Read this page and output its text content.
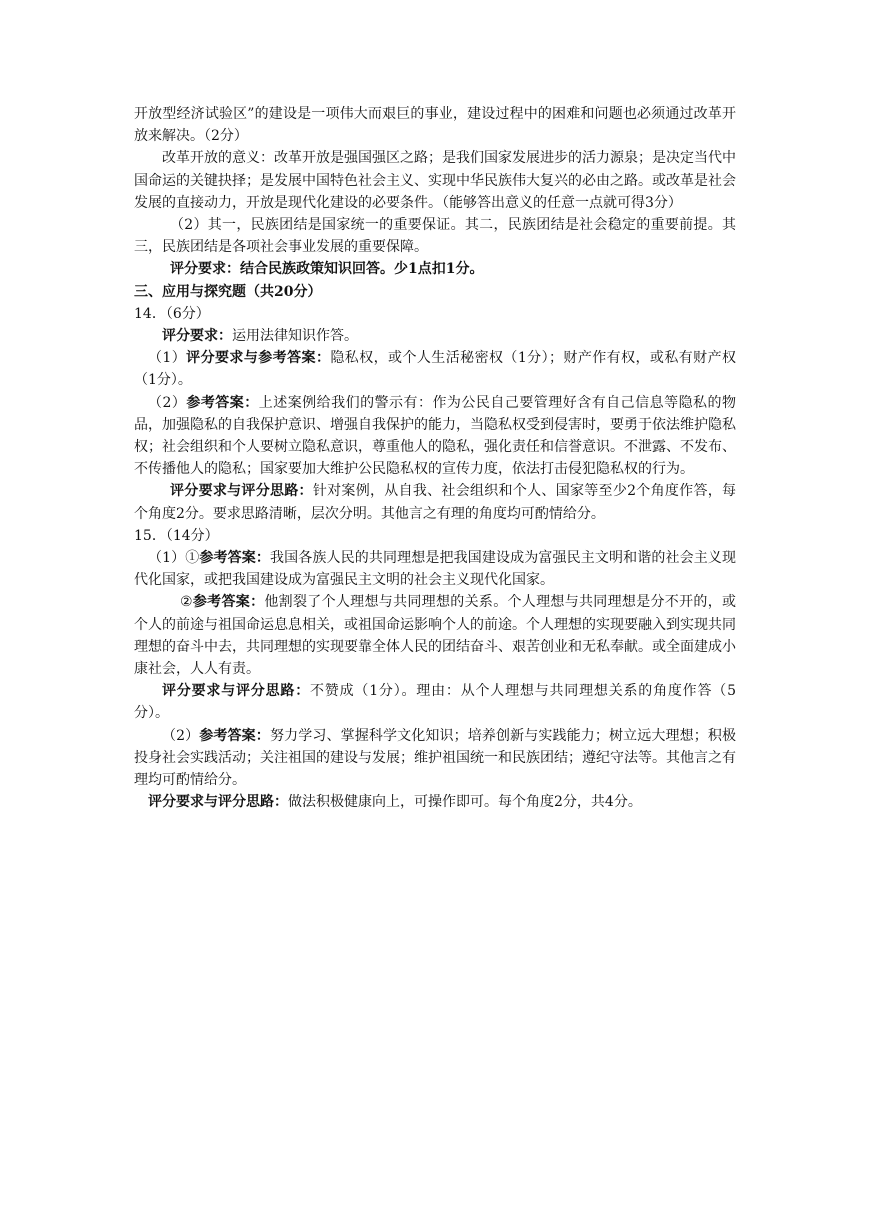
开放型经济试验区”的建设是一项伟大而艰巨的事业，建设过程中的困难和问题也必须通过改革开放来解决。（2分）

改革开放的意义：改革开放是强国强区之路；是我们国家发展进步的活力源泉；是决定当代中国命运的关键抉择；是发展中国特色社会主义、实现中华民族伟大复兴的必由之路。或改革是社会发展的直接动力，开放是现代化建设的必要条件。（能够答出意义的任意一点就可得3分）

（2）其一，民族团结是国家统一的重要保证。其二，民族团结是社会稳定的重要前提。其三，民族团结是各项社会事业发展的重要保障。

评分要求：结合民族政策知识回答。少1点扣1分。

三、应用与探究题（共20分）

14．（6分）

评分要求：运用法律知识作答。

（1）评分要求与参考答案：隐私权，或个人生活秘密权（1分）；财产作有权，或私有财产权（1分）。

（2）参考答案：上述案例给我们的警示有：作为公民自己要管理好含有自己信息等隐私的物品，加强隐私的自我保护意识、增强自我保护的能力，当隐私权受到侵害时，要勇于依法维护隐私权；社会组织和个人要树立隐私意识，尊重他人的隐私，强化责任和信誉意识。不泄露、不发布、不传播他人的隐私；国家要加大维护公民隐私权的宣传力度，依法打击侵犯隐私权的行为。

评分要求与评分思路：针对案例，从自我、社会组织和个人、国家等至少2个角度作答，每个角度2分。要求思路清晰，层次分明。其他言之有理的角度均可酌情给分。

15．（14分）

（1）①参考答案：我国各族人民的共同理想是把我国建设成为富强民主文明和谐的社会主义现代化国家，或把我国建设成为富强民主文明的社会主义现代化国家。

②参考答案：他割裂了个人理想与共同理想的关系。个人理想与共同理想是分不开的，或个人的前途与祖国命运息息相关，或祖国命运影响个人的前途。个人理想的实现要融入到实现共同理想的奋斗中去，共同理想的实现要靠全体人民的团结奋斗、艰苦创业和无私奉献。或全面建成小康社会，人人有责。

评分要求与评分思路：不赞成（1分）。理由：从个人理想与共同理想关系的角度作答（5分）。

（2）参考答案：努力学习、掌握科学文化知识；培养创新与实践能力；树立远大理想；积极投身社会实践活动；关注祖国的建设与发展；维护祖国统一和民族团结；遵纪守法等。其他言之有理均可酌情给分。

评分要求与评分思路：做法积极健康向上，可操作即可。每个角度2分，共4分。
